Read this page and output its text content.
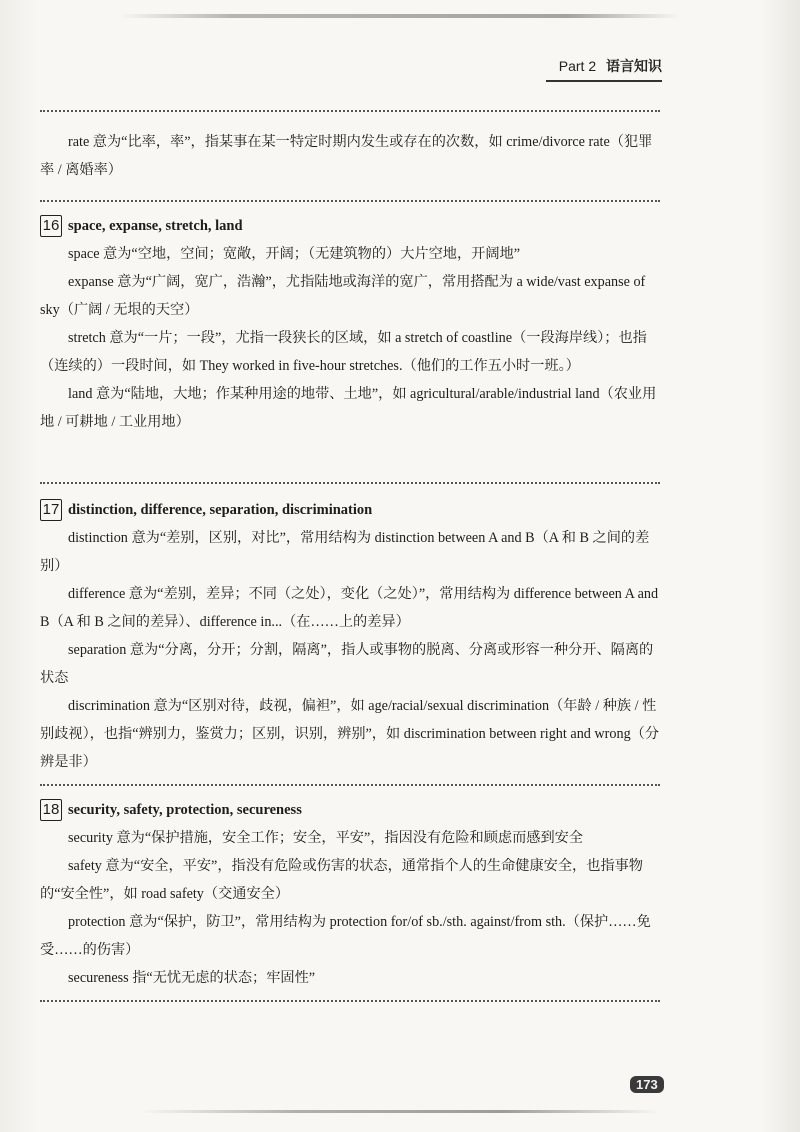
Part 2 语言知识

rate 意为“比率，率”，指某事在某一特定时期内发生或存在的次数，如 crime/divorce rate（犯罪率 / 离婚率）

16 space, expanse, stretch, land

space 意为“空地，空间；宽敞，开阔；（无建筑物的）大片空地，开阔地”

expanse 意为“广阔，宽广，浩瀚”，尤指陆地或海洋的宽广，常用搭配为 a wide/vast expanse of sky（广阔 / 无垠的天空）

stretch 意为“一片；一段”，尤指一段狭长的区域，如 a stretch of coastline（一段海岸线）；也指（连续的）一段时间，如 They worked in five-hour stretches.（他们的工作五小时一班。）

land 意为“陆地，大地；作某种用途的地带、土地”，如 agricultural/arable/industrial land（农业用地 / 可耕地 / 工业用地）

17 distinction, difference, separation, discrimination

distinction 意为“差别，区别，对比”，常用结构为 distinction between A and B（A 和 B 之间的差别）

difference 意为“差别，差异；不同（之处），变化（之处）”，常用结构为 difference between A and B（A 和 B 之间的差异）、difference in...（在……上的差异）

separation 意为“分离，分开；分割，隔离”，指人或事物的脱离、分离或形容一种分开、隔离的状态

discrimination 意为“区别对待，歧视，偏袒”，如 age/racial/sexual discrimination（年龄 / 种族 / 性别歧视），也指“辨别力，鉴赏力；区别，识别，辨别”，如 discrimination between right and wrong（分辨是非）

18 security, safety, protection, secureness

security 意为“保护措施，安全工作；安全，平安”，指因没有危险和顾虑而感到安全

safety 意为“安全，平安”，指没有危险或伤害的状态，通常指个人的生命健康安全，也指事物的“安全性”，如 road safety（交通安全）

protection 意为“保护，防卫”，常用结构为 protection for/of sb./sth. against/from sth.（保护……免受……的伤害）

secureness 指“无忧无虑的状态；牢固性”

173
